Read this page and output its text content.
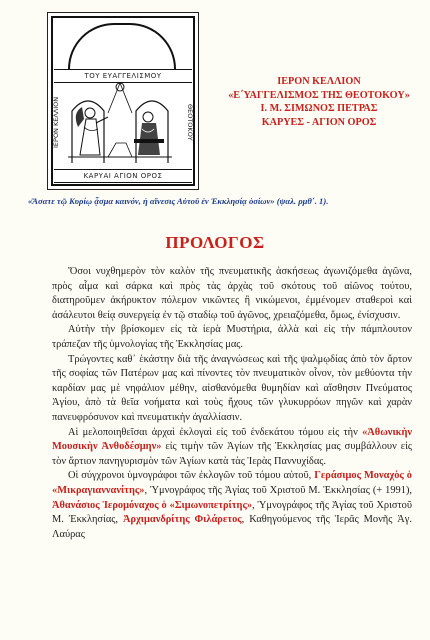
ΤΟΥ ΕΥΑΓΓΕΛΙΣΜΟΥ
ΙΕΡΟΝ ΚΕΛΛΙΟΝ	ΘΕΟΤΟΚΟΥ
ΚΑΡΥΑΙ ΑΓΙΟΝ ΟΡΟΣ
ΙΕΡΟΝ ΚΕΛΛΙΟΝ
«Ε΄ΥΑΓΓΕΛΙΣΜΟΣ ΤΗΣ ΘΕΟΤΟΚΟΥ»
Ι. Μ. ΣΙΜΩΝΟΣ ΠΕΤΡΑΣ
ΚΑΡΥΕΣ - ΑΓΙΟΝ ΟΡΟΣ
«Ἄσατε τῷ Κυρίῳ ᾆσμα καινόν, ἡ αἴνεσις Αὐτοῦ ἐν Ἐκκλησίᾳ ὁσίων» (ψαλ. ρμθ΄. 1).
ΠΡΟΛΟΓΟΣ

Ὅσοι νυχθημερὸν τὸν καλὸν τῆς πνευματικῆς ἀσκήσεως ἀγωνιζόμεθα ἀγῶνα, πρὸς αἷμα καὶ σάρκα καὶ πρὸς τὰς ἀρχὰς τοῦ σκότους τοῦ αἰῶνος τούτου, διατηροῦμεν ἀκήρυκτον πόλεμον νικῶντες ἢ νικώμενοι, ἐμμένομεν σταθεροὶ καὶ ἀσάλευτοι θείᾳ συνεργείᾳ ἐν τῷ σταδίῳ τοῦ ἀγῶνος, χρειαζόμεθα, ὅμως, ἐνίσχυσιν.

Αὐτὴν τὴν βρίσκομεν εἰς τὰ ἱερὰ Μυστήρια, ἀλλὰ καὶ εἰς τὴν πάμπλουτον τράπεζαν τῆς ὑμνολογίας τῆς Ἐκκλησίας μας.

Τρώγοντες καθ᾽ ἑκάστην διὰ τῆς ἀναγνώσεως καὶ τῆς ψαλμῳδίας ἀπὸ τὸν ἄρτον τῆς σοφίας τῶν Πατέρων μας καὶ πίνοντες τὸν πνευματικὸν οἶνον, τὸν μεθύοντα τὴν καρδίαν μας μὲ νηφάλιον μέθην, αἰσθανόμεθα θυμηδίαν καὶ αἴσθησιν Πνεύματος Ἁγίου, ἀπὸ τὰ θεῖα νοήματα καὶ τοὺς ἤχους τῶν γλυκυρρόων πηγῶν καὶ χαρὰν πανευφρόσυνον καὶ πνευματικὴν ἀγαλλίασιν.

Αἱ μελοποιηθεῖσαι ἀρχαὶ ἐκλογαὶ εἰς τοῦ ἑνδεκάτου τόμου εἰς τὴν «Ἀθωνικὴν Μουσικὴν Ἀνθοδέσμην» εἰς τιμὴν τῶν Ἁγίων τῆς Ἐκκλησίας μας συμβάλλουν εἰς τὸν ἄρτιον πανηγυρισμὸν τῶν Ἁγίων κατὰ τὰς Ἱερὰς Παννυχίδας.

Οἱ σύγχρονοι ὑμνογράφοι τῶν ἐκλογῶν τοῦ τόμου αὐτοῦ, Γεράσιμος Μοναχὸς ὁ «Μικραγιαννανίτης», Ὑμνογράφος τῆς Ἁγίας τοῦ Χριστοῦ Μ. Ἐκκλησίας (+ 1991), Ἀθανάσιος Ἱερομόναχος ὁ «Σιμωνοπετρίτης», Ὑμνογράφος τῆς Ἁγίας τοῦ Χριστοῦ Μ. Ἐκκλησίας, Ἀρχιμανδρίτης Φιλάρετος, Καθηγούμενος τῆς Ἱερᾶς Μονῆς Ἁγ. Λαύρας
